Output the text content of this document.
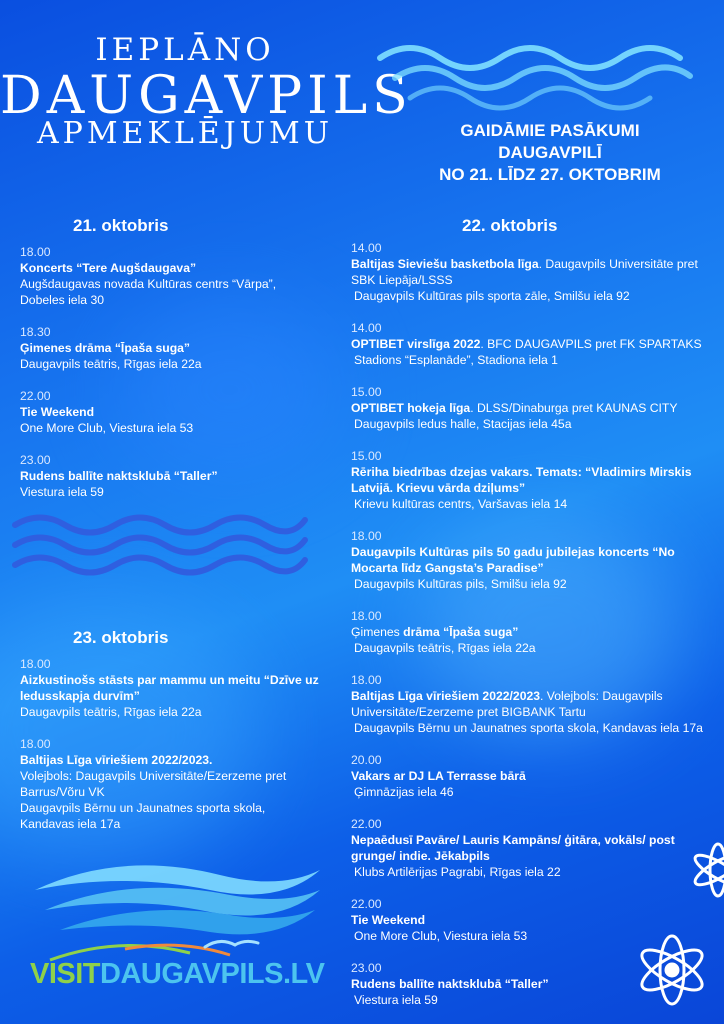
IEPLĀNO
DAUGAVPILS
APMEKLĒJUMU	GAIDĀMIE PASĀKUMI
DAUGAVPILĪ
NO 21. LĪDZ 27. OKTOBRIM
21. oktobris
18.00
Koncerts “Tere Augšdaugava”
Augšdaugavas novada Kultūras centrs “Vārpa”, Dobeles iela 30
18.30
Ģimenes drāma “Īpaša suga”
Daugavpils teātris, Rīgas iela 22a
22.00
Tie Weekend
One More Club, Viestura iela 53
23.00
Rudens ballīte naktsklubā “Taller”
Viestura iela 59
23. oktobris
18.00
Aizkustinošs stāsts par mammu un meitu “Dzīve uz ledusskapja durvīm”
Daugavpils teātris, Rīgas iela 22a
18.00
Baltijas Līga vīriešiem 2022/2023.
Volejbols: Daugavpils Universitāte/Ezerzeme pret Barrus/Võru VK
Daugavpils Bērnu un Jaunatnes sporta skola, Kandavas iela 17a
22. oktobris
14.00
Baltijas Sieviešu basketbola līga. Daugavpils Universitāte pret SBK Liepāja/LSSS
Daugavpils Kultūras pils sporta zāle, Smilšu iela 92
14.00
OPTIBET virslīga 2022. BFC DAUGAVPILS pret FK SPARTAKS
Stadions “Esplanāde”, Stadiona iela 1
15.00
OPTIBET hokeja līga. DLSS/Dinaburga pret KAUNAS CITY
Daugavpils ledus halle, Stacijas iela 45a
15.00
Rēriha biedrības dzejas vakars. Temats: “Vladimirs Mirskis Latvijā. Krievu vārda dziļums”
Krievu kultūras centrs, Varšavas iela 14
18.00
Daugavpils Kultūras pils 50 gadu jubilejas koncerts “No Mocarta līdz Gangsta’s Paradise”
Daugavpils Kultūras pils, Smilšu iela 92
18.00
Ģimenes drāma “Īpaša suga”
Daugavpils teātris, Rīgas iela 22a
18.00
Baltijas Līga vīriešiem 2022/2023. Volejbols: Daugavpils Universitāte/Ezerzeme pret BIGBANK Tartu
Daugavpils Bērnu un Jaunatnes sporta skola, Kandavas iela 17a
20.00
Vakars ar DJ LA Terrasse bārā
Ģimnāzijas iela 46
22.00
Nepaēdusī Pavāre/ Lauris Kampāns/ ģitāra, vokāls/ post grunge/ indie. Jēkabpils
Klubs Artilērijas Pagrabi, Rīgas iela 22
22.00
Tie Weekend
One More Club, Viestura iela 53
23.00
Rudens ballīte naktsklubā “Taller”
Viestura iela 59
VISITDAUGAVPILS.LV
